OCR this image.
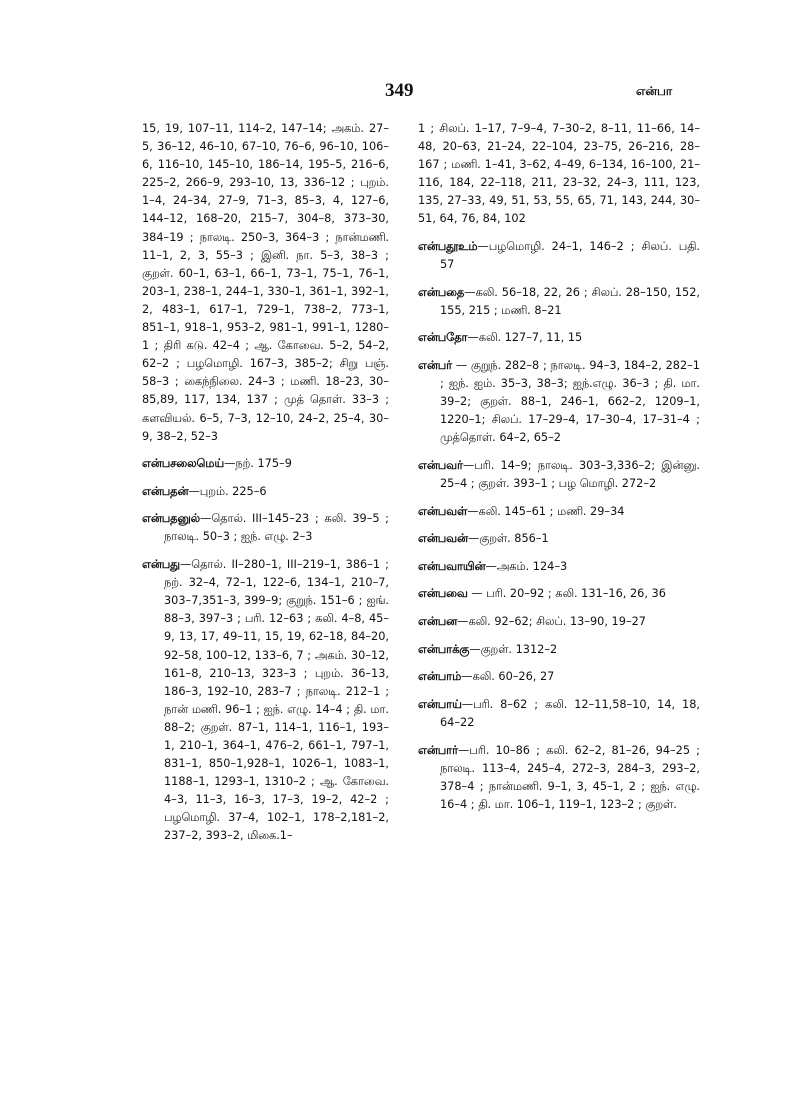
349	என்பா

15, 19, 107–11, 114–2, 147–14; அகம். 27–5, 36–12, 46–10, 67–10, 76–6, 96–10, 106–6, 116–10, 145–10, 186–14, 195–5, 216–6, 225–2, 266–9, 293–10, 13, 336–12 ; புறம். 1–4, 24–34, 27–9, 71–3, 85–3, 4, 127–6, 144–12, 168–20, 215–7, 304–8, 373–30, 384–19 ; நாலடி. 250–3, 364–3 ; நான்மணி. 11–1, 2, 3, 55–3 ; இனி. நா. 5–3, 38–3 ; குறள். 60–1, 63–1, 66–1, 73–1, 75–1, 76–1, 203–1, 238–1, 244–1, 330–1, 361–1, 392–1, 2, 483–1, 617–1, 729–1, 738–2, 773–1, 851–1, 918–1, 953–2, 981–1, 991–1, 1280–1 ; திரி கடு. 42–4 ; ஆ. கோவை. 5–2, 54–2, 62–2 ; பழமொழி. 167–3, 385–2; சிறு பஞ். 58–3 ; கைந்நிலை. 24–3 ; மணி. 18–23, 30–85,89, 117, 134, 137 ; முத் தொள். 33–3 ; களவியல். 6–5, 7–3, 12–10, 24–2, 25–4, 30–9, 38–2, 52–3

என்பசலைமெய்—நற். 175–9

என்பதன்—புறம். 225–6

என்பதனுல்—தொல். III–145–23 ; கலி. 39–5 ; நாலடி. 50–3 ; ஐந். எழு. 2–3

என்பது—தொல். II–280–1, III–219–1, 386–1 ; நற். 32–4, 72–1, 122–6, 134–1, 210–7, 303–7,351–3, 399–9; குறுந். 151–6 ; ஐங். 88–3, 397–3 ; பரி. 12–63 ; கலி. 4–8, 45–9, 13, 17, 49–11, 15, 19, 62–18, 84–20, 92–58, 100–12, 133–6, 7 ; அகம். 30–12, 161–8, 210–13, 323–3 ; புறம். 36–13, 186–3, 192–10, 283–7 ; நாலடி. 212–1 ; நான் மணி. 96–1 ; ஐந். எழு. 14–4 ; தி. மா. 88–2; குறள். 87–1, 114–1, 116–1, 193–1, 210–1, 364–1, 476–2, 661–1, 797–1, 831–1, 850–1,928–1, 1026–1, 1083–1, 1188–1, 1293–1, 1310–2 ; ஆ. கோவை. 4–3, 11–3, 16–3, 17–3, 19–2, 42–2 ; பழமொழி. 37–4, 102–1, 178–2,181–2, 237–2, 393–2, மிகை.1–

1 ; சிலப். 1–17, 7–9–4, 7–30–2, 8–11, 11–66, 14–48, 20–63, 21–24, 22–104, 23–75, 26–216, 28–167 ; மணி. 1–41, 3–62, 4–49, 6–134, 16–100, 21–116, 184, 22–118, 211, 23–32, 24–3, 111, 123, 135, 27–33, 49, 51, 53, 55, 65, 71, 143, 244, 30–51, 64, 76, 84, 102

என்பதூஉம்—பழமொழி. 24–1, 146–2 ; சிலப். பதி. 57

என்பதை—கலி. 56–18, 22, 26 ; சிலப். 28–150, 152, 155, 215 ; மணி. 8–21

என்பதோ—கலி. 127–7, 11, 15

என்பர் — குறுந். 282–8 ; நாலடி. 94–3, 184–2, 282–1 ; ஐந். ஐம். 35–3, 38–3; ஐந்.எழு. 36–3 ; தி. மா. 39–2; குறள். 88–1, 246–1, 662–2, 1209–1, 1220–1; சிலப். 17–29–4, 17–30–4, 17–31–4 ; முத்தொள். 64–2, 65–2

என்பவர்—பரி. 14–9; நாலடி. 303–3,336–2; இன்னு. 25–4 ; குறள். 393–1 ; பழ மொழி. 272–2

என்பவள்—கலி. 145–61 ; மணி. 29–34

என்பவன்—குறள். 856–1

என்பவாயின்—அகம். 124–3

என்பவை — பரி. 20–92 ; கலி. 131–16, 26, 36

என்பன—கலி. 92–62; சிலப். 13–90, 19–27

என்பாக்கு—குறள். 1312–2

என்பாம்—கலி. 60–26, 27

என்பாய்—பரி. 8–62 ; கலி. 12–11,58–10, 14, 18, 64–22

என்பார்—பரி. 10–86 ; கலி. 62–2, 81–26, 94–25 ; நாலடி. 113–4, 245–4, 272–3, 284–3, 293–2, 378–4 ; நான்மணி. 9–1, 3, 45–1, 2 ; ஐந். எழு. 16–4 ; தி. மா. 106–1, 119–1, 123–2 ; குறள்.
